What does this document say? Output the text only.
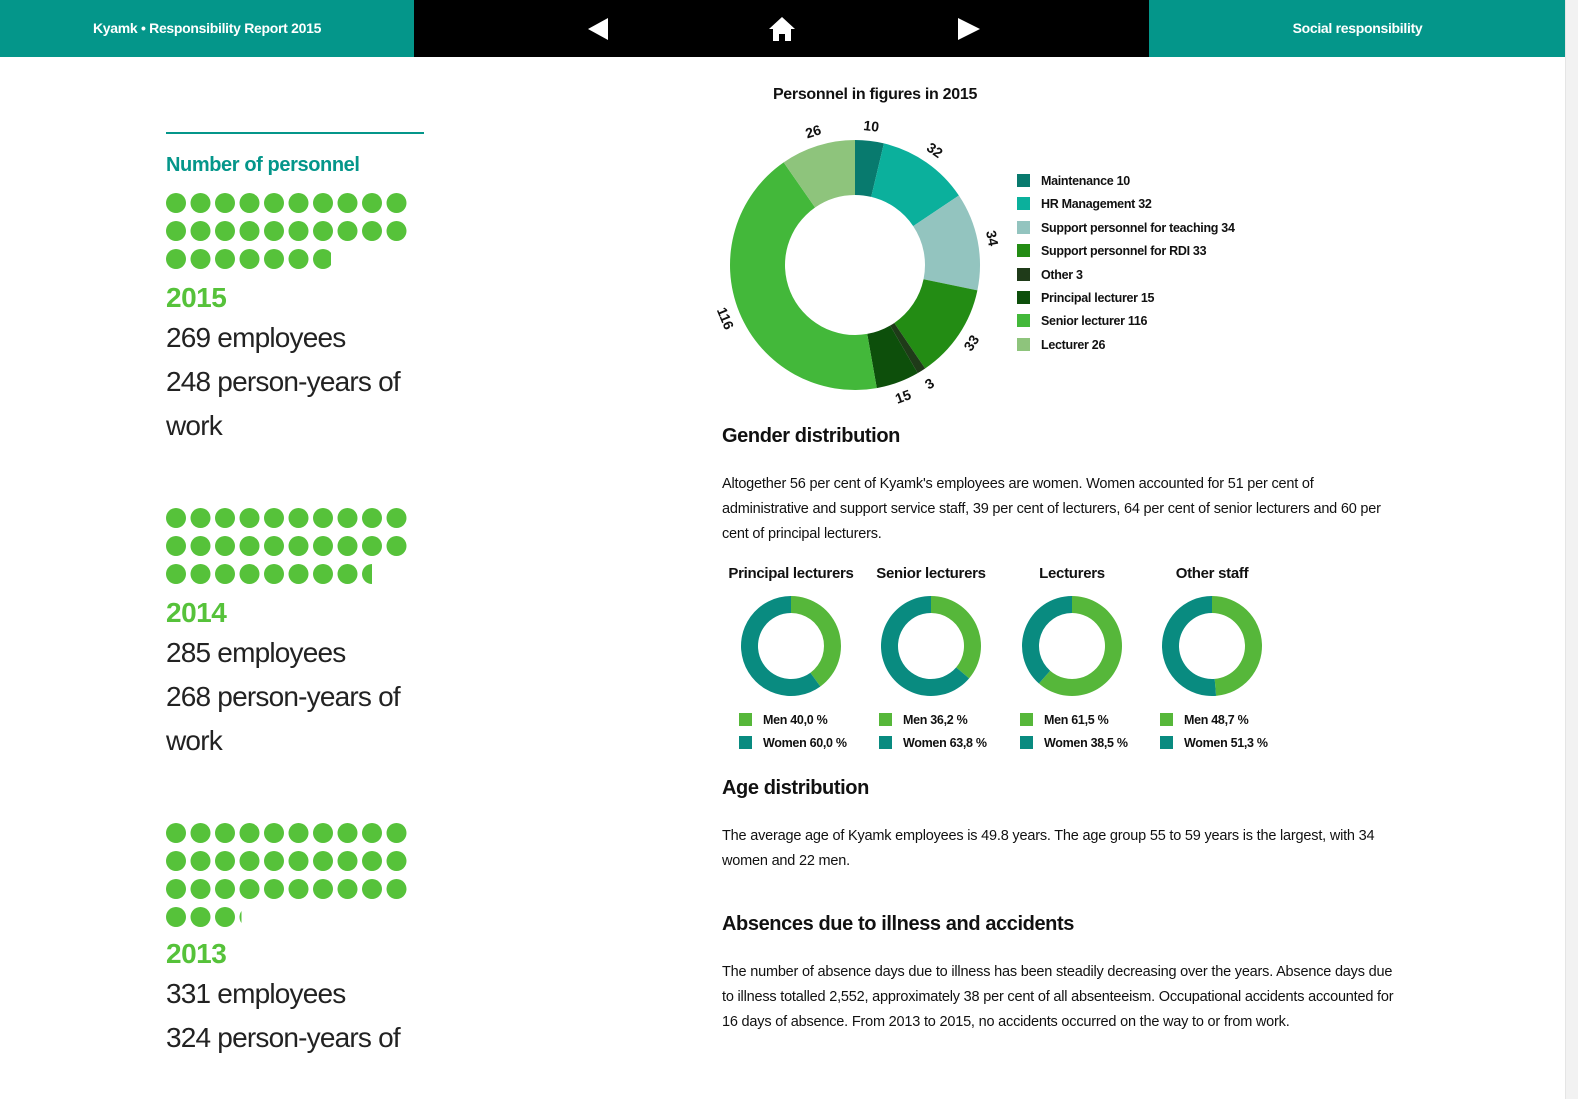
Kyamk • Responsibility Report 2015	Social responsibility
Number of personnel
2015
269 employees
248 person-years of
work
2014
285 employees
268 person-years of
work
2013
331 employees
324 person-years of
Personnel in figures in 2015
10
32
34
33
3
15
116
26
Maintenance 10
HR Management 32
Support personnel for teaching 34
Support personnel for RDI 33
Other 3
Principal lecturer 15
Senior lecturer 116
Lecturer 26
Gender distribution
Altogether 56 per cent of Kyamk's employees are women. Women accounted for 51 per cent of administrative and support service staff, 39 per cent of lecturers, 64 per cent of senior lecturers and 60 per cent of principal lecturers.
Principal lecturers
Men 40,0 %
Women 60,0 %
Senior lecturers
Men 36,2 %
Women 63,8 %
Lecturers
Men 61,5 %
Women 38,5 %
Other staff
Men 48,7 %
Women 51,3 %
Age distribution
The average age of Kyamk employees is 49.8 years. The age group 55 to 59 years is the largest, with 34 women and 22 men.
Absences due to illness and accidents
The number of absence days due to illness has been steadily decreasing over the years. Absence days due to illness totalled 2,552, approximately 38 per cent of all absenteeism. Occupational accidents accounted for 16 days of absence. From 2013 to 2015, no accidents occurred on the way to or from work.
